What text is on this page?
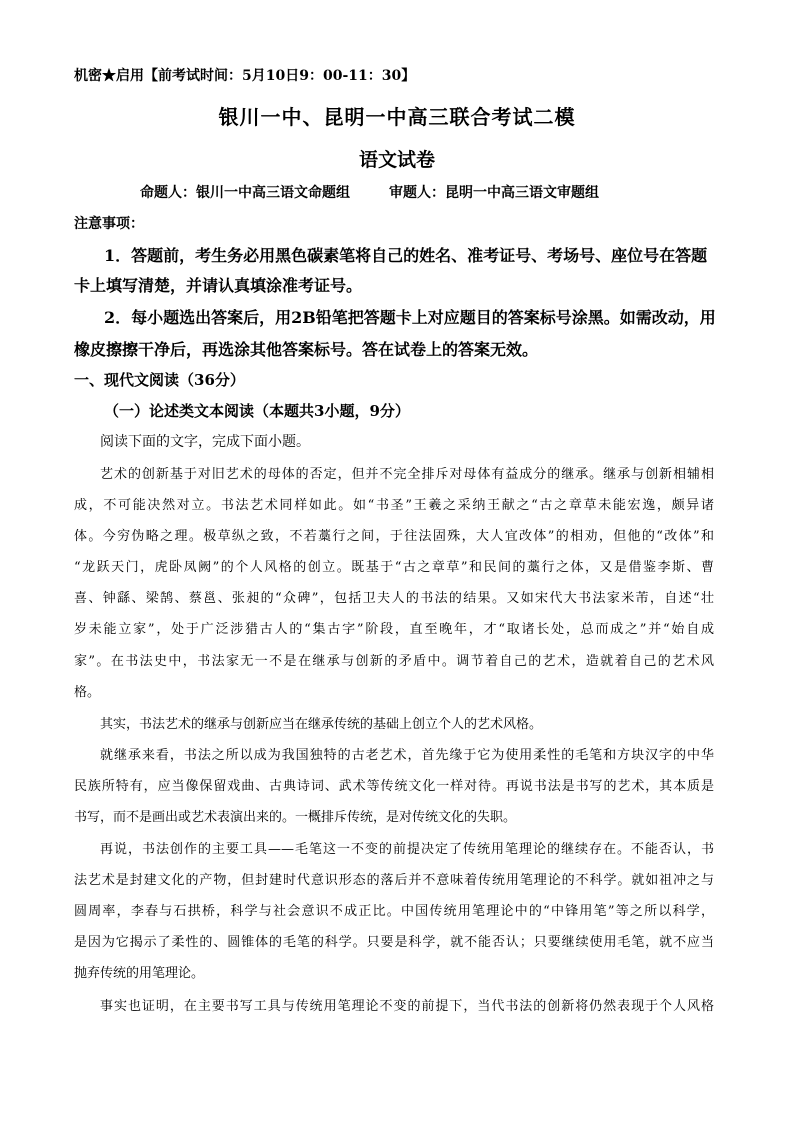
机密★启用【前考试时间：5月10日9：00-11：30】

银川一中、昆明一中高三联合考试二模

语文试卷

命题人：银川一中高三语文命题组        审题人：昆明一中高三语文审题组

注意事项：

1．答题前，考生务必用黑色碳素笔将自己的姓名、准考证号、考场号、座位号在答题

卡上填写清楚，并请认真填涂准考证号。

2．每小题选出答案后，用2B铅笔把答题卡上对应题目的答案标号涂黑。如需改动，用

橡皮擦擦干净后，再选涂其他答案标号。答在试卷上的答案无效。

一、现代文阅读（36分）

（一）论述类文本阅读（本题共3小题，9分）

阅读下面的文字，完成下面小题。

艺术的创新基于对旧艺术的母体的否定，但并不完全排斥对母体有益成分的继承。继承与创新相辅相

成，不可能决然对立。书法艺术同样如此。如“书圣”王羲之采纳王献之“古之章草未能宏逸，颇异诸

体。今穷伪略之理。极草纵之致，不若藁行之间，于往法固殊，大人宜改体”的相劝，但他的“改体”和

“龙跃天门，虎卧凤阙”的个人风格的创立。既基于“古之章草”和民间的藁行之体，又是借鉴李斯、曹

喜、钟繇、梁鹄、蔡邕、张昶的“众碑”，包括卫夫人的书法的结果。又如宋代大书法家米芾，自述“壮

岁未能立家”，处于广泛涉猎古人的“集古字”阶段，直至晚年，才“取诸长处，总而成之”并“始自成

家”。在书法史中，书法家无一不是在继承与创新的矛盾中。调节着自己的艺术，造就着自己的艺术风

格。

其实，书法艺术的继承与创新应当在继承传统的基础上创立个人的艺术风格。

就继承来看，书法之所以成为我国独特的古老艺术，首先缘于它为使用柔性的毛笔和方块汉字的中华

民族所特有，应当像保留戏曲、古典诗词、武术等传统文化一样对待。再说书法是书写的艺术，其本质是

书写，而不是画出或艺术表演出来的。一概排斥传统，是对传统文化的失职。

再说，书法创作的主要工具——毛笔这一不变的前提决定了传统用笔理论的继续存在。不能否认，书

法艺术是封建文化的产物，但封建时代意识形态的落后并不意味着传统用笔理论的不科学。就如祖冲之与

圆周率，李春与石拱桥，科学与社会意识不成正比。中国传统用笔理论中的“中锋用笔”等之所以科学，

是因为它揭示了柔性的、圆锥体的毛笔的科学。只要是科学，就不能否认；只要继续使用毛笔，就不应当

抛弃传统的用笔理论。

事实也证明，在主要书写工具与传统用笔理论不变的前提下，当代书法的创新将仍然表现于个人风格
